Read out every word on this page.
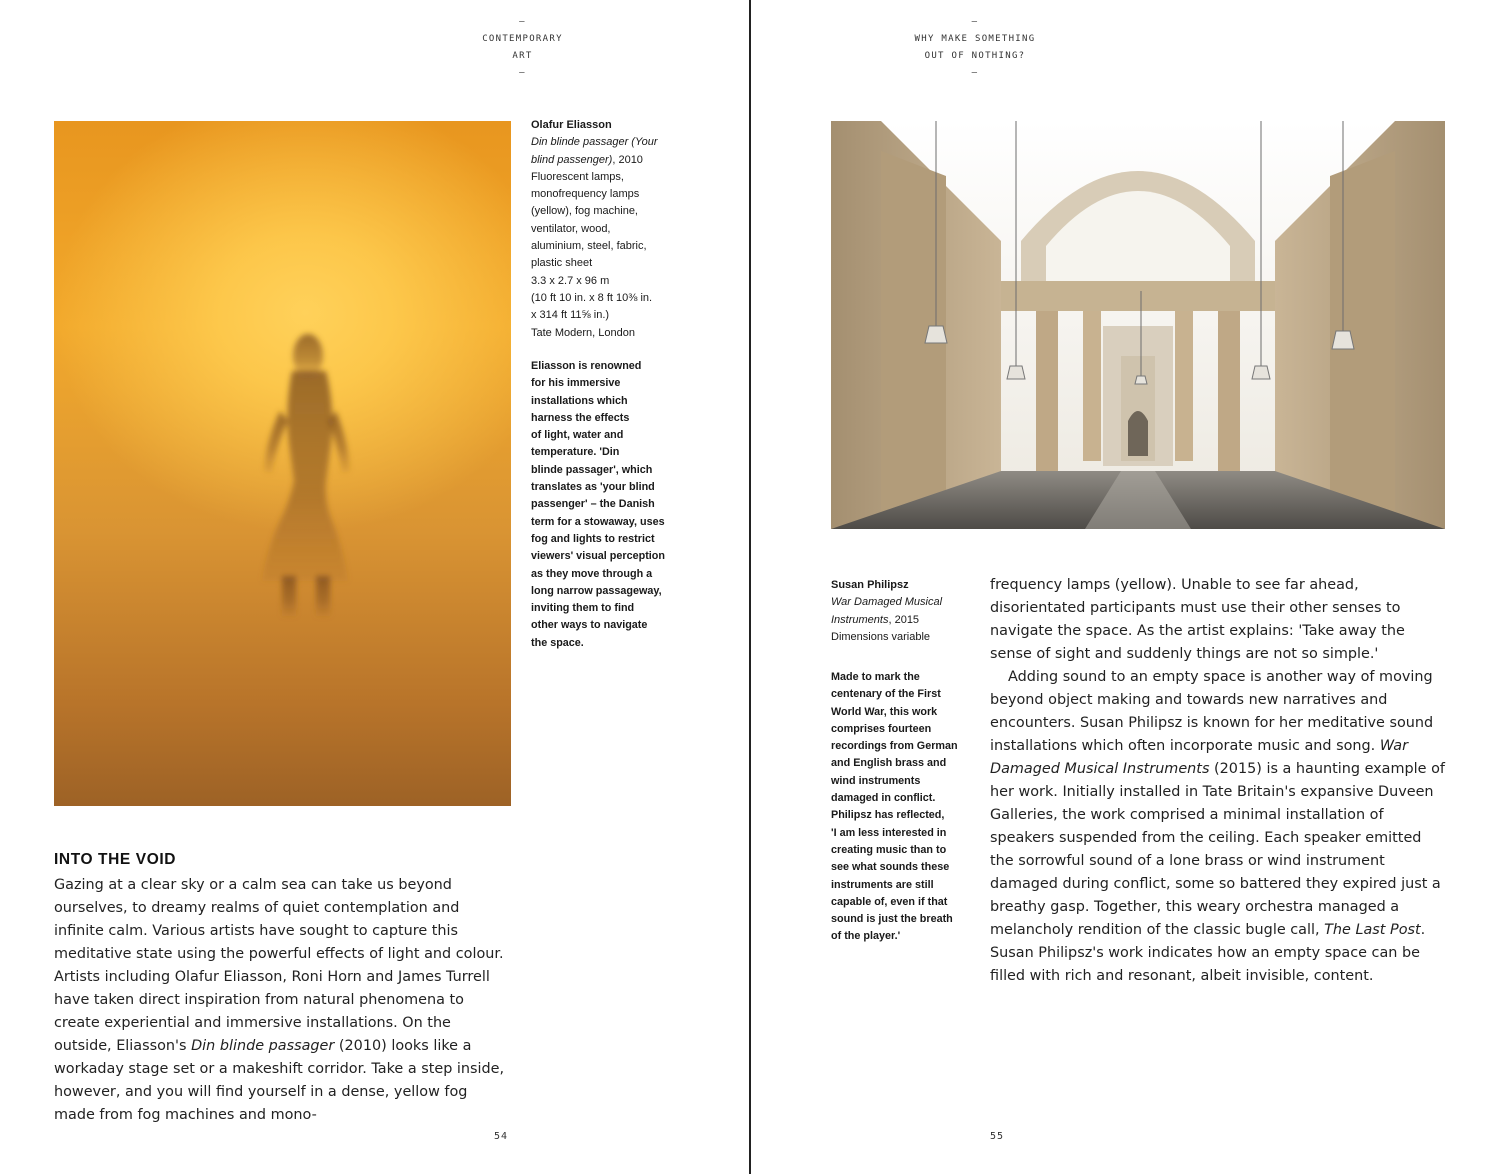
–
CONTEMPORARY
ART
–
Olafur Eliasson
Din blinde passager (Your blind passenger), 2010
Fluorescent lamps,
monofrequency lamps
(yellow), fog machine,
ventilator, wood,
aluminium, steel, fabric,
plastic sheet
3.3 x 2.7 x 96 m
(10 ft 10 in. x 8 ft 10⅜ in.
x 314 ft 11⅝ in.)
Tate Modern, London
Eliasson is renowned
for his immersive
installations which
harness the effects
of light, water and
temperature. 'Din
blinde passager', which
translates as 'your blind
passenger' – the Danish
term for a stowaway, uses
fog and lights to restrict
viewers' visual perception
as they move through a
long narrow passageway,
inviting them to find
other ways to navigate
the space.
INTO THE VOID
Gazing at a clear sky or a calm sea can take us beyond ourselves, to dreamy realms of quiet contemplation and infinite calm. Various artists have sought to capture this meditative state using the powerful effects of light and colour. Artists including Olafur Eliasson, Roni Horn and James Turrell have taken direct inspiration from natural phenomena to create experiential and immersive installations. On the outside, Eliasson's Din blinde passager (2010) looks like a workaday stage set or a makeshift corridor. Take a step inside, however, and you will find yourself in a dense, yellow fog made from fog machines and mono-
54
–
WHY MAKE SOMETHING
OUT OF NOTHING?
–
55
Susan Philipsz
War Damaged Musical
Instruments, 2015
Dimensions variable
Made to mark the
centenary of the First
World War, this work
comprises fourteen
recordings from German
and English brass and
wind instruments
damaged in conflict.
Philipsz has reflected,
'I am less interested in
creating music than to
see what sounds these
instruments are still
capable of, even if that
sound is just the breath
of the player.'
frequency lamps (yellow). Unable to see far ahead, disorientated participants must use their other senses to navigate the space. As the artist explains: 'Take away the sense of sight and suddenly things are not so simple.'
Adding sound to an empty space is another way of moving beyond object making and towards new narratives and encounters. Susan Philipsz is known for her meditative sound installations which often incorporate music and song. War Damaged Musical Instruments (2015) is a haunting example of her work. Initially installed in Tate Britain's expansive Duveen Galleries, the work comprised a minimal installation of speakers suspended from the ceiling. Each speaker emitted the sorrowful sound of a lone brass or wind instrument damaged during conflict, some so battered they expired just a breathy gasp. Together, this weary orchestra managed a melancholy rendition of the classic bugle call, The Last Post. Susan Philipsz's work indicates how an empty space can be filled with rich and resonant, albeit invisible, content.
